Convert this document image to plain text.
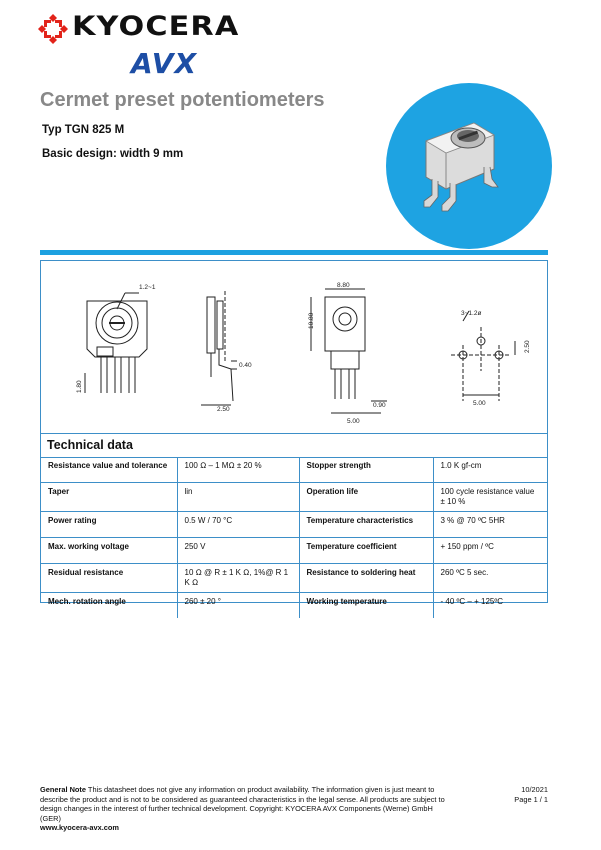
KYOCERA
AVX
Cermet preset potentiometers
Typ TGN 825 M
Basic design: width 9 mm
1.2~1
1.80
2.50
0.40
8.80
10.80
0.90
5.00
3~1.2ø
2.50
5.00
Technical data
Resistance value and tolerance	100 Ω – 1 MΩ ± 20 %	Stopper strength	1.0 K gf-cm
Taper	lin	Operation life	100 cycle resistance value ± 10 %
Power rating	0.5 W / 70 °C	Temperature characteristics	3 % @ 70 ºC 5HR
Max. working voltage	250 V	Temperature coefficient	+ 150 ppm / ºC
Residual resistance	10 Ω @ R ± 1 K Ω, 1%@ R 1 K Ω	Resistance to soldering heat	260 ºC 5 sec.
Mech. rotation angle	260 ± 20 °	Working temperature	- 40 ºC – + 125ºC
General Note This datasheet does not give any information on product availability. The information given is just meant to describe the product and is not to be considered as guaranteed characteristics in the legal sense. All products are subject to design changes in the interest of further technical development. Copyright: KYOCERA AVX Components (Werne) GmbH (GER)
www.kyocera-avx.com
10/2021
Page 1 / 1
